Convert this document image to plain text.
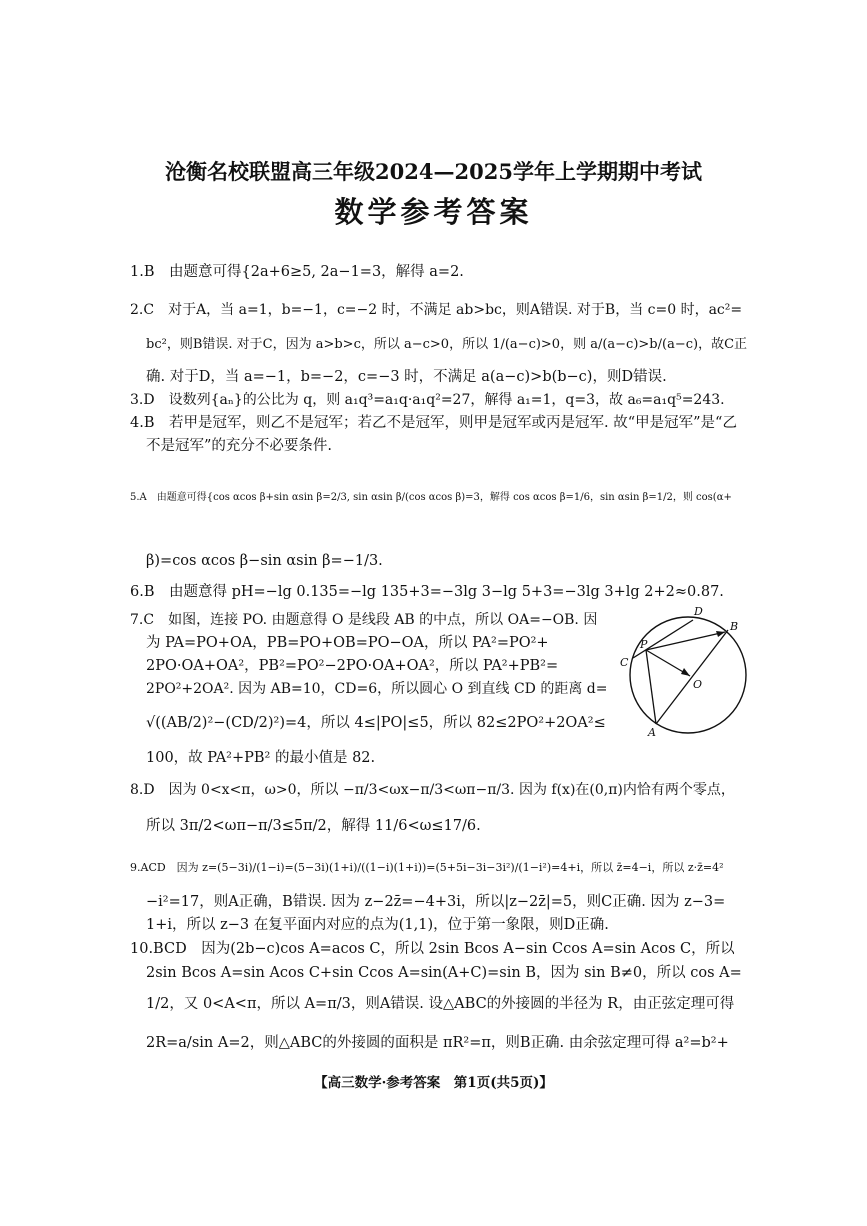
沧衡名校联盟高三年级2024—2025学年上学期期中考试
数学参考答案
1.B　由题意可得{2a+6≥5, 2a−1=3，解得 a=2.
2.C　对于A，当 a=1，b=−1，c=−2 时，不满足 ab>bc，则A错误. 对于B，当 c=0 时，ac²=
bc²，则B错误. 对于C，因为 a>b>c，所以 a−c>0，所以 1/(a−c)>0，则 a/(a−c)>b/(a−c)，故C正
确. 对于D，当 a=−1，b=−2，c=−3 时，不满足 a(a−c)>b(b−c)，则D错误.
3.D　设数列{aₙ}的公比为 q，则 a₁q³=a₁q·a₁q²=27，解得 a₁=1，q=3，故 a₆=a₁q⁵=243.
4.B　若甲是冠军，则乙不是冠军；若乙不是冠军，则甲是冠军或丙是冠军. 故“甲是冠军”是“乙
不是冠军”的充分不必要条件.
5.A　由题意可得{cos αcos β+sin αsin β=2/3, sin αsin β/(cos αcos β)=3，解得 cos αcos β=1/6，sin αsin β=1/2，则 cos(α+
β)=cos αcos β−sin αsin β=−1/3.
6.B　由题意得 pH=−lg 0.135=−lg 135+3=−3lg 3−lg 5+3=−3lg 3+lg 2+2≈0.87.
7.C　如图，连接 PO. 由题意得 O 是线段 AB 的中点，所以 OA=−OB. 因
为 PA=PO+OA，PB=PO+OB=PO−OA，所以 PA²=PO²+
2PO·OA+OA²，PB²=PO²−2PO·OA+OA²，所以 PA²+PB²=
2PO²+2OA². 因为 AB=10，CD=6，所以圆心 O 到直线 CD 的距离 d=
√((AB/2)²−(CD/2)²)=4，所以 4≤|PO|≤5，所以 82≤2PO²+2OA²≤
100，故 PA²+PB² 的最小值是 82.
D
B
P
C
O
A
8.D　因为 0<x<π，ω>0，所以 −π/3<ωx−π/3<ωπ−π/3. 因为 f(x)在(0,π)内恰有两个零点，
所以 3π/2<ωπ−π/3≤5π/2，解得 11/6<ω≤17/6.
9.ACD　因为 z=(5−3i)/(1−i)=(5−3i)(1+i)/((1−i)(1+i))=(5+5i−3i−3i²)/(1−i²)=4+i，所以 z̄=4−i，所以 z·z̄=4²
−i²=17，则A正确，B错误. 因为 z−2z̄=−4+3i，所以|z−2z̄|=5，则C正确. 因为 z−3=
1+i，所以 z−3 在复平面内对应的点为(1,1)，位于第一象限，则D正确.
10.BCD　因为(2b−c)cos A=acos C，所以 2sin Bcos A−sin Ccos A=sin Acos C，所以
2sin Bcos A=sin Acos C+sin Ccos A=sin(A+C)=sin B，因为 sin B≠0，所以 cos A=
1/2，又 0<A<π，所以 A=π/3，则A错误. 设△ABC的外接圆的半径为 R，由正弦定理可得
2R=a/sin A=2，则△ABC的外接圆的面积是 πR²=π，则B正确. 由余弦定理可得 a²=b²+
【高三数学·参考答案　第1页(共5页)】
